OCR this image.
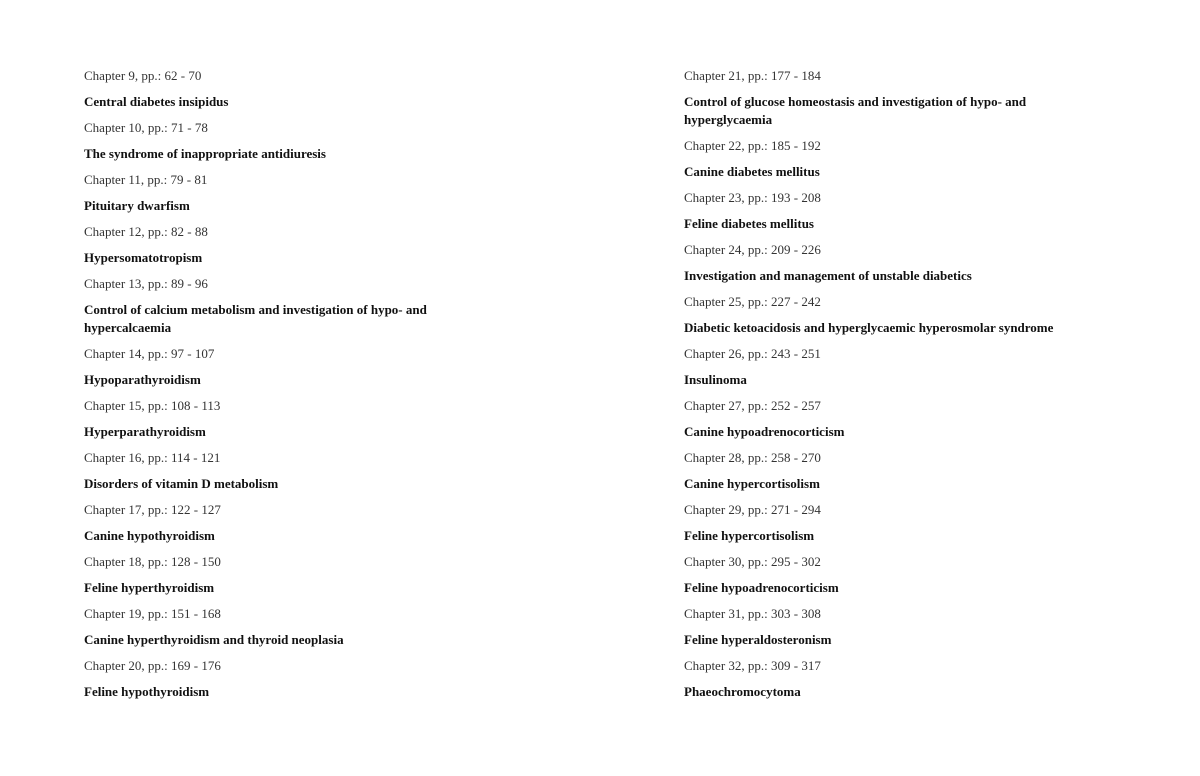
Chapter 9, pp.: 62 - 70

Central diabetes insipidus

Chapter 10, pp.: 71 - 78

The syndrome of inappropriate antidiuresis

Chapter 11, pp.: 79 - 81

Pituitary dwarfism

Chapter 12, pp.: 82 - 88

Hypersomatotropism

Chapter 13, pp.: 89 - 96

Control of calcium metabolism and investigation of hypo- and hypercalcaemia

Chapter 14, pp.: 97 - 107

Hypoparathyroidism

Chapter 15, pp.: 108 - 113

Hyperparathyroidism

Chapter 16, pp.: 114 - 121

Disorders of vitamin D metabolism

Chapter 17, pp.: 122 - 127

Canine hypothyroidism

Chapter 18, pp.: 128 - 150

Feline hyperthyroidism

Chapter 19, pp.: 151 - 168

Canine hyperthyroidism and thyroid neoplasia

Chapter 20, pp.: 169 - 176

Feline hypothyroidism

Chapter 21, pp.: 177 - 184

Control of glucose homeostasis and investigation of hypo- and hyperglycaemia

Chapter 22, pp.: 185 - 192

Canine diabetes mellitus

Chapter 23, pp.: 193 - 208

Feline diabetes mellitus

Chapter 24, pp.: 209 - 226

Investigation and management of unstable diabetics

Chapter 25, pp.: 227 - 242

Diabetic ketoacidosis and hyperglycaemic hyperosmolar syndrome

Chapter 26, pp.: 243 - 251

Insulinoma

Chapter 27, pp.: 252 - 257

Canine hypoadrenocorticism

Chapter 28, pp.: 258 - 270

Canine hypercortisolism

Chapter 29, pp.: 271 - 294

Feline hypercortisolism

Chapter 30, pp.: 295 - 302

Feline hypoadrenocorticism

Chapter 31, pp.: 303 - 308

Feline hyperaldosteronism

Chapter 32, pp.: 309 - 317

Phaeochromocytoma
